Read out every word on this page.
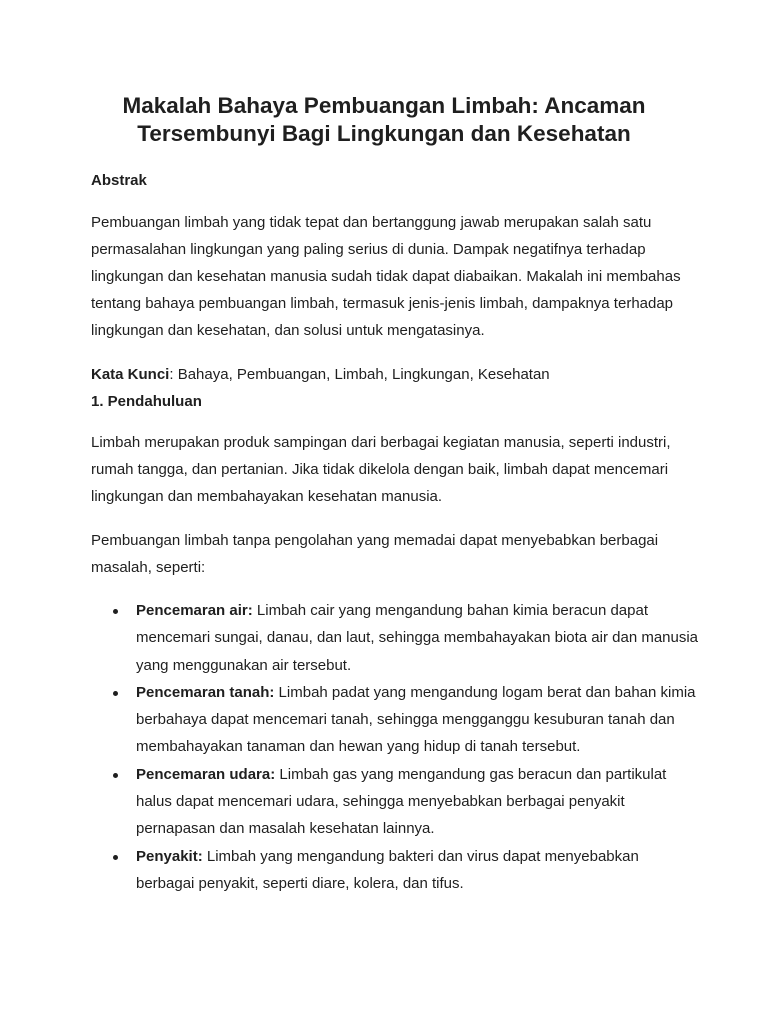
Makalah Bahaya Pembuangan Limbah: Ancaman Tersembunyi Bagi Lingkungan dan Kesehatan
Abstrak

Pembuangan limbah yang tidak tepat dan bertanggung jawab merupakan salah satu permasalahan lingkungan yang paling serius di dunia. Dampak negatifnya terhadap lingkungan dan kesehatan manusia sudah tidak dapat diabaikan. Makalah ini membahas tentang bahaya pembuangan limbah, termasuk jenis-jenis limbah, dampaknya terhadap lingkungan dan kesehatan, dan solusi untuk mengatasinya.

Kata Kunci: Bahaya, Pembuangan, Limbah, Lingkungan, Kesehatan

1. Pendahuluan

Limbah merupakan produk sampingan dari berbagai kegiatan manusia, seperti industri, rumah tangga, dan pertanian. Jika tidak dikelola dengan baik, limbah dapat mencemari lingkungan dan membahayakan kesehatan manusia.

Pembuangan limbah tanpa pengolahan yang memadai dapat menyebabkan berbagai masalah, seperti:

Pencemaran air: Limbah cair yang mengandung bahan kimia beracun dapat mencemari sungai, danau, dan laut, sehingga membahayakan biota air dan manusia yang menggunakan air tersebut.
Pencemaran tanah: Limbah padat yang mengandung logam berat dan bahan kimia berbahaya dapat mencemari tanah, sehingga mengganggu kesuburan tanah dan membahayakan tanaman dan hewan yang hidup di tanah tersebut.
Pencemaran udara: Limbah gas yang mengandung gas beracun dan partikulat halus dapat mencemari udara, sehingga menyebabkan berbagai penyakit pernapasan dan masalah kesehatan lainnya.
Penyakit: Limbah yang mengandung bakteri dan virus dapat menyebabkan berbagai penyakit, seperti diare, kolera, dan tifus.
